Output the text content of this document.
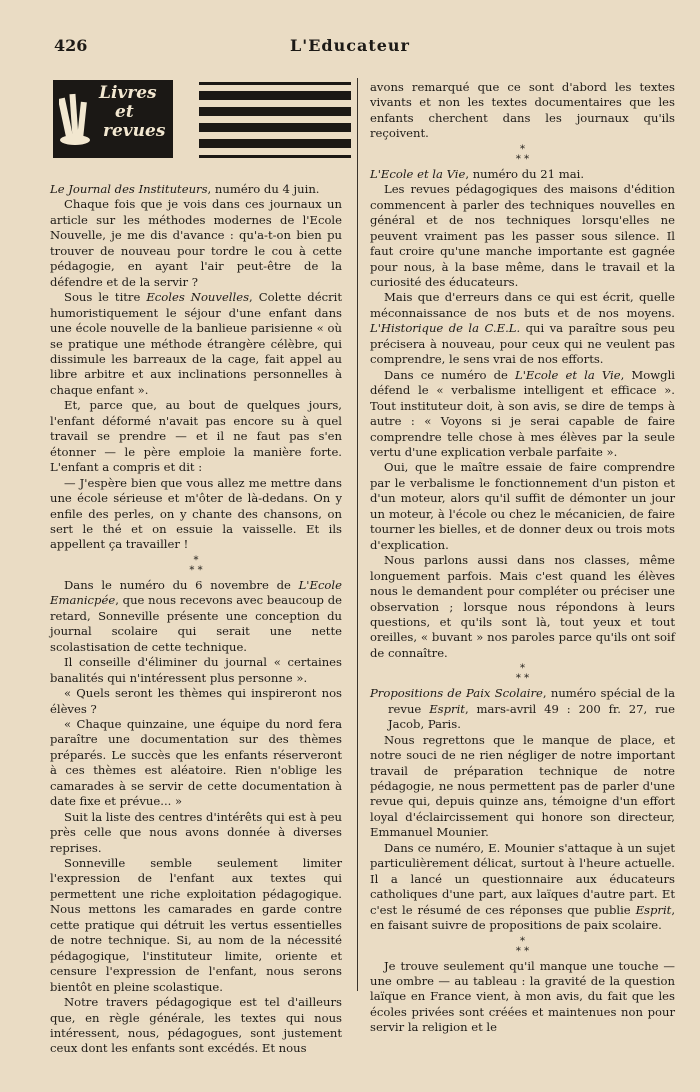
426	L'Educateur
Livres
et
revues

Le Journal des Instituteurs, numéro du 4 juin.

Chaque fois que je vois dans ces journaux un article sur les méthodes modernes de l'Ecole Nouvelle, je me dis d'avance : qu'a-t-on bien pu trouver de nouveau pour tordre le cou à cette pédagogie, en ayant l'air peut-être de la défendre et de la servir ?

Sous le titre Ecoles Nouvelles, Colette décrit humoristiquement le séjour d'une enfant dans une école nouvelle de la banlieue parisienne « où se pratique une méthode étrangère célèbre, qui dissimule les barreaux de la cage, fait appel au libre arbitre et aux inclinations personnelles à chaque enfant ».

Et, parce que, au bout de quelques jours, l'enfant déformé n'avait pas encore su à quel travail se prendre — et il ne faut pas s'en étonner — le père emploie la manière forte. L'enfant a compris et dit :

— J'espère bien que vous allez me mettre dans une école sérieuse et m'ôter de là-dedans. On y enfile des perles, on y chante des chansons, on sert le thé et on essuie la vaisselle. Et ils appellent ça travailler !

*
* *

Dans le numéro du 6 novembre de L'Ecole Emanicpée, que nous recevons avec beaucoup de retard, Sonneville présente une conception du journal scolaire qui serait une nette scolastisation de cette technique.

Il conseille d'éliminer du journal « certaines banalités qui n'intéressent plus personne ».

« Quels seront les thèmes qui inspireront nos élèves ?

« Chaque quinzaine, une équipe du nord fera paraître une documentation sur des thèmes préparés. Le succès que les enfants réserveront à ces thèmes est aléatoire. Rien n'oblige les camarades à se servir de cette documentation à date fixe et prévue... »

Suit la liste des centres d'intérêts qui est à peu près celle que nous avons donnée à diverses reprises.

Sonneville semble seulement limiter l'expression de l'enfant aux textes qui permettent une riche exploitation pédagogique. Nous mettons les camarades en garde contre cette pratique qui détruit les vertus essentielles de notre technique. Si, au nom de la nécessité pédagogique, l'instituteur limite, oriente et censure l'expression de l'enfant, nous serons bientôt en pleine scolastique.

Notre travers pédagogique est tel d'ailleurs que, en règle générale, les textes qui nous intéressent, nous, pédagogues, sont justement ceux dont les enfants sont excédés. Et nous

avons remarqué que ce sont d'abord les textes vivants et non les textes documentaires que les enfants cherchent dans les journaux qu'ils reçoivent.

*
* *

L'Ecole et la Vie, numéro du 21 mai.

Les revues pédagogiques des maisons d'édition commencent à parler des techniques nouvelles en général et de nos techniques lorsqu'elles ne peuvent vraiment pas les passer sous silence. Il faut croire qu'une manche importante est gagnée pour nous, à la base même, dans le travail et la curiosité des éducateurs.

Mais que d'erreurs dans ce qui est écrit, quelle méconnaissance de nos buts et de nos moyens. L'Historique de la C.E.L. qui va paraître sous peu précisera à nouveau, pour ceux qui ne veulent pas comprendre, le sens vrai de nos efforts.

Dans ce numéro de L'Ecole et la Vie, Mowgli défend le « verbalisme intelligent et efficace ». Tout instituteur doit, à son avis, se dire de temps à autre : « Voyons si je serai capable de faire comprendre telle chose à mes élèves par la seule vertu d'une explication verbale parfaite ».

Oui, que le maître essaie de faire comprendre par le verbalisme le fonctionnement d'un piston et d'un moteur, alors qu'il suffit de démonter un jour un moteur, à l'école ou chez le mécanicien, de faire tourner les bielles, et de donner deux ou trois mots d'explication.

Nous parlons aussi dans nos classes, même longuement parfois. Mais c'est quand les élèves nous le demandent pour compléter ou préciser une observation ; lorsque nous répondons à leurs questions, et qu'ils sont là, tout yeux et tout oreilles, « buvant » nos paroles parce qu'ils ont soif de connaître.

*
* *

Propositions de Paix Scolaire, numéro spécial de la revue Esprit, mars-avril 49 : 200 fr. 27, rue Jacob, Paris.

Nous regrettons que le manque de place, et notre souci de ne rien négliger de notre important travail de préparation technique de notre pédagogie, ne nous permettent pas de parler d'une revue qui, depuis quinze ans, témoigne d'un effort loyal d'éclaircissement qui honore son directeur, Emmanuel Mounier.

Dans ce numéro, E. Mounier s'attaque à un sujet particulièrement délicat, surtout à l'heure actuelle. Il a lancé un questionnaire aux éducateurs catholiques d'une part, aux laïques d'autre part. Et c'est le résumé de ces réponses que publie Esprit, en faisant suivre de propositions de paix scolaire.

*
* *

Je trouve seulement qu'il manque une touche — une ombre — au tableau : la gravité de la question laïque en France vient, à mon avis, du fait que les écoles privées sont créées et maintenues non pour servir la religion et le
